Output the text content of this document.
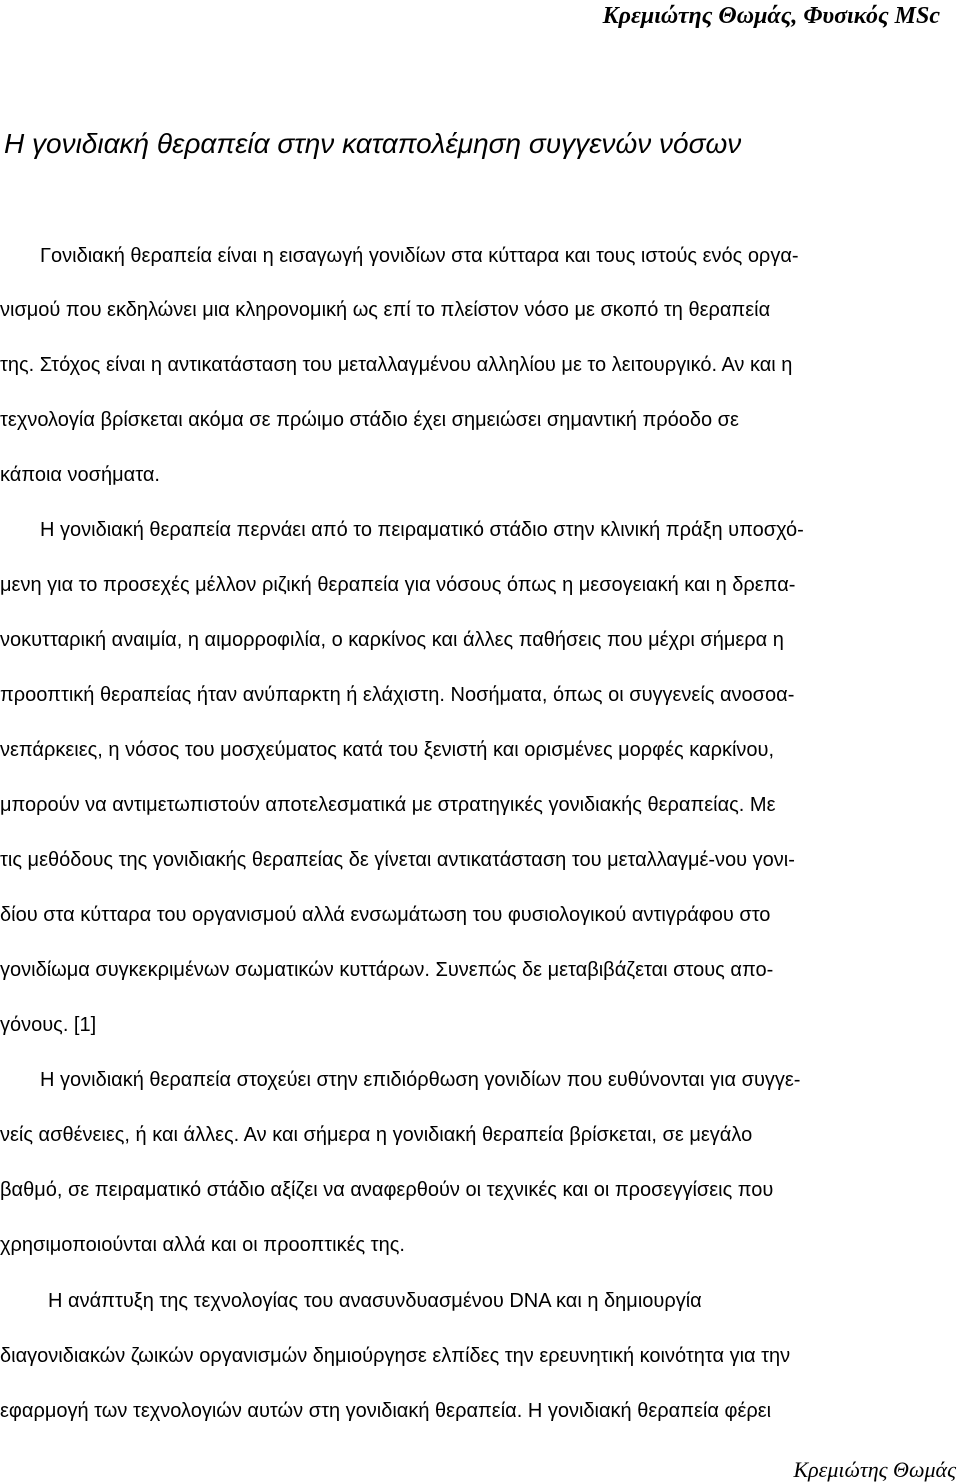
Κρεμιώτης Θωμάς, Φυσικός MSc
Η γονιδιακή θεραπεία στην καταπολέμηση συγγενών νόσων
Γονιδιακή θεραπεία είναι η εισαγωγή γονιδίων στα κύτταρα και τους ιστούς ενός οργα-
νισμού που εκδηλώνει μια κληρονομική ως επί το πλείστον νόσο με σκοπό τη θεραπεία
της. Στόχος είναι η αντικατάσταση του μεταλλαγμένου αλληλίου με το λειτουργικό. Αν και η
τεχνολογία βρίσκεται ακόμα σε πρώιμο στάδιο έχει σημειώσει σημαντική πρόοδο σε
κάποια νοσήματα.
Η γονιδιακή θεραπεία περνάει από το πειραματικό στάδιο στην κλινική πράξη υποσχό-
μενη για το προσεχές μέλλον ριζική θεραπεία για νόσους όπως η μεσογειακή και η δρεπα-
νοκυτταρική αναιμία, η αιμορροφιλία, ο καρκίνος και άλλες παθήσεις που μέχρι σήμερα η
προοπτική θεραπείας ήταν ανύπαρκτη ή ελάχιστη. Νοσήματα, όπως οι συγγενείς ανοσοα-
νεπάρκειες, η νόσος του μοσχεύματος κατά του ξενιστή και ορισμένες μορφές καρκίνου,
μπορούν να αντιμετωπιστούν αποτελεσματικά με στρατηγικές γονιδιακής θεραπείας. Με
τις μεθόδους της γονιδιακής θεραπείας δε γίνεται αντικατάσταση του μεταλλαγμέ-νου γονι-
δίου στα κύτταρα του οργανισμού αλλά ενσωμάτωση του φυσιολογικού αντιγράφου στο
γονιδίωμα συγκεκριμένων σωματικών κυττάρων. Συνεπώς δε μεταβιβάζεται στους απο-
γόνους. [1]
Η γονιδιακή θεραπεία στοχεύει στην επιδιόρθωση γονιδίων που ευθύνονται για συγγε-
νείς ασθένειες, ή και άλλες. Αν και σήμερα η γονιδιακή θεραπεία βρίσκεται, σε μεγάλο
βαθμό, σε πειραματικό στάδιο αξίζει να αναφερθούν οι τεχνικές και οι προσεγγίσεις που
χρησιμοποιούνται αλλά και οι προοπτικές της.
Η ανάπτυξη της τεχνολογίας του ανασυνδυασμένου DNA και η δημιουργία
διαγονιδιακών ζωικών οργανισμών δημιούργησε ελπίδες την ερευνητική κοινότητα για την
εφαρμογή των τεχνολογιών αυτών στη γονιδιακή θεραπεία. Η γονιδιακή θεραπεία φέρει
Κρεμιώτης Θωμάς
